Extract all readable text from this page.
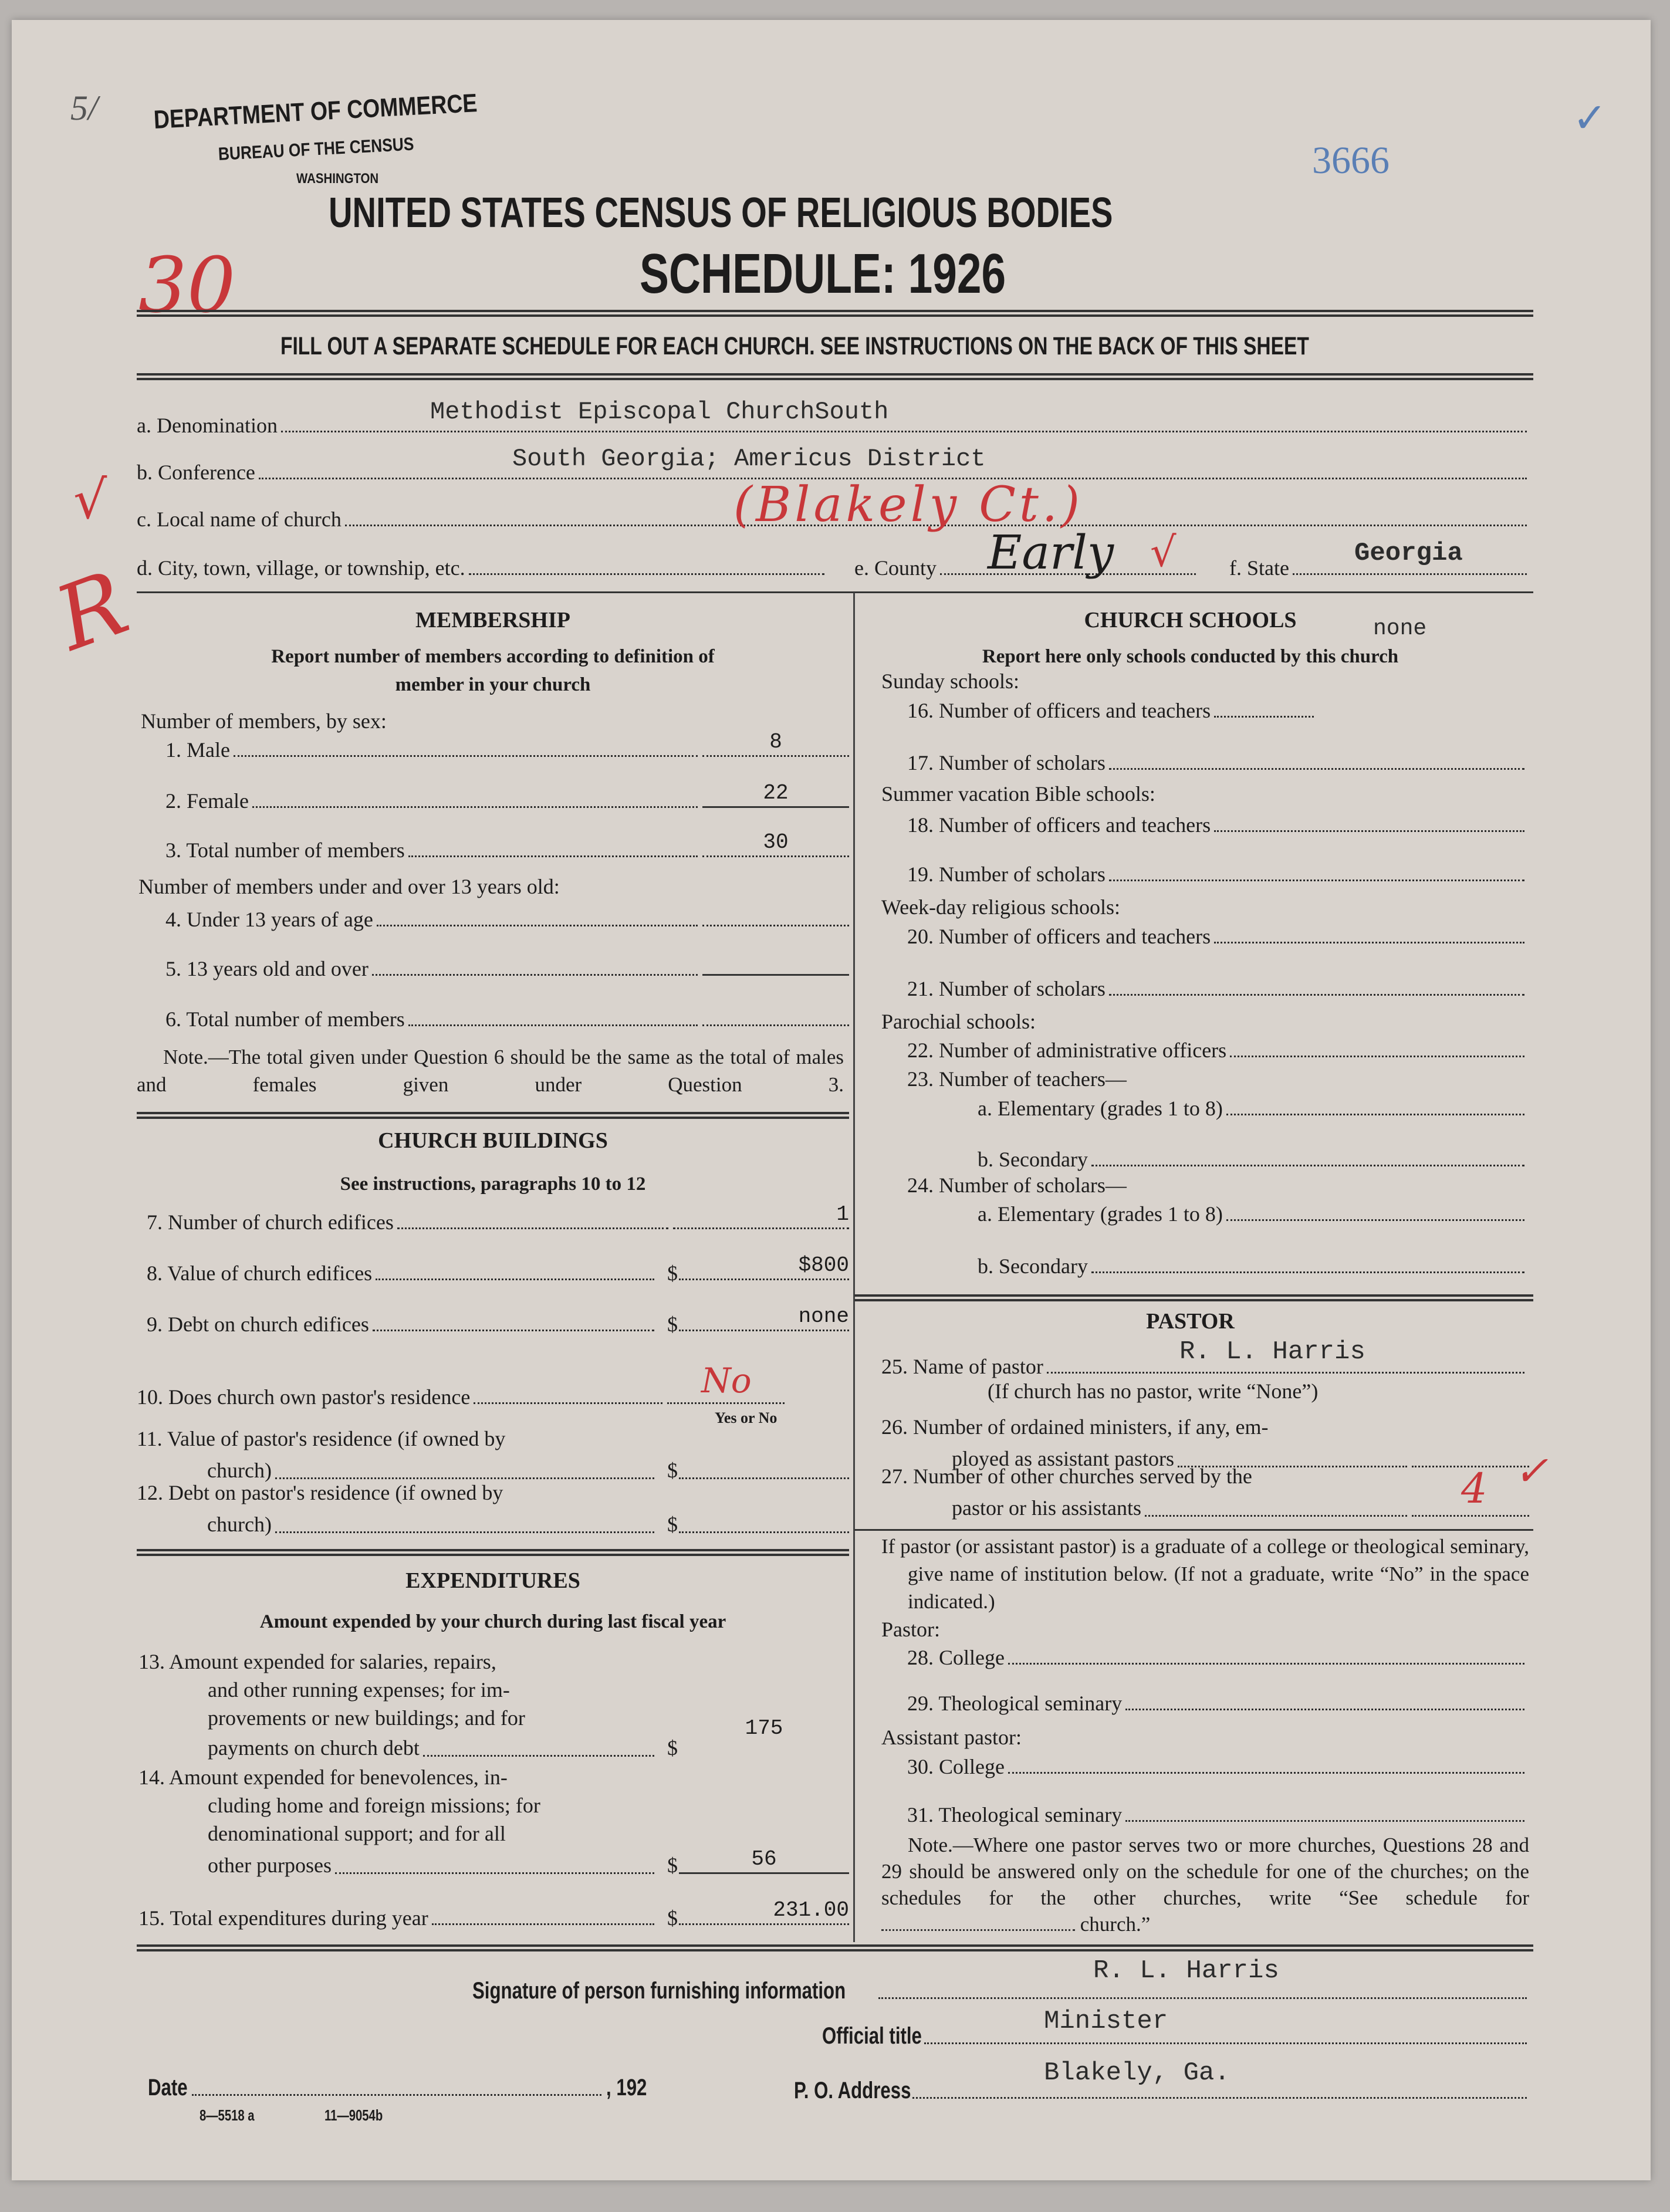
DEPARTMENT OF COMMERCE
BUREAU OF THE CENSUS
WASHINGTON	3666
✓
5/
UNITED STATES CENSUS OF RELIGIOUS BODIES
SCHEDULE: 1926
30
√
R
FILL OUT A SEPARATE SCHEDULE FOR EACH CHURCH. SEE INSTRUCTIONS ON THE BACK OF THIS SHEET
a. Denomination	Methodist Episcopal ChurchSouth
b. Conference	South Georgia; Americus District
c. Local name of church	(Blakely Ct.)
d. City, town, village, or township, etc.	e. County Early √	f. State	Georgia
MEMBERSHIP
Report number of members according to definition of
member in your church
Number of members, by sex:
1. Male	8
2. Female	22
3. Total number of members	30
Number of members under and over 13 years old:
4. Under 13 years of age
5. 13 years old and over
6. Total number of members
Note.—The total given under Question 6 should be the same as the total of males and females given under Question 3.
CHURCH BUILDINGS
See instructions, paragraphs 10 to 12
7. Number of church edifices	1
8. Value of church edifices	$	$800
9. Debt on church edifices	$	none
10. Does church own pastor's residence	No
Yes or No
11. Value of pastor's residence (if owned by
church)	$
12. Debt on pastor's residence (if owned by
church)	$
EXPENDITURES
Amount expended by your church during last fiscal year
13. Amount expended for salaries, repairs,
and other running expenses; for im-
provements or new buildings; and for
payments on church debt	$
175
14. Amount expended for benevolences, in-
cluding home and foreign missions; for
denominational support; and for all
other purposes	$	56
15. Total expenditures during year	$	231.00
CHURCH SCHOOLS	none
Report here only schools conducted by this church
Sunday schools:
16. Number of officers and teachers
17. Number of scholars
Summer vacation Bible schools:
18. Number of officers and teachers
19. Number of scholars
Week-day religious schools:
20. Number of officers and teachers
21. Number of scholars
Parochial schools:
22. Number of administrative officers
23. Number of teachers—
a. Elementary (grades 1 to 8)
b. Secondary
24. Number of scholars—
a. Elementary (grades 1 to 8)
b. Secondary
PASTOR
25. Name of pastor	R. L. Harris
(If church has no pastor, write “None”)
26. Number of ordained ministers, if any, em-
ployed as assistant pastors
27. Number of other churches served by the
pastor or his assistants	4 ✓
If pastor (or assistant pastor) is a graduate of a college or theological seminary, give name of institution below. (If not a graduate, write “No” in the space indicated.)
Pastor:
28. College
29. Theological seminary
Assistant pastor:
30. College
31. Theological seminary
Note.—Where one pastor serves two or more churches, Questions 28 and 29 should be answered only on the schedule for one of the churches; on the schedules for the other churches, write “See schedule for  church.”
Signature of person furnishing information
R. L. Harris
Official title	Minister
Date	, 192	P. O. Address
Blakely, Ga.
8—5518 a	11—9054b
